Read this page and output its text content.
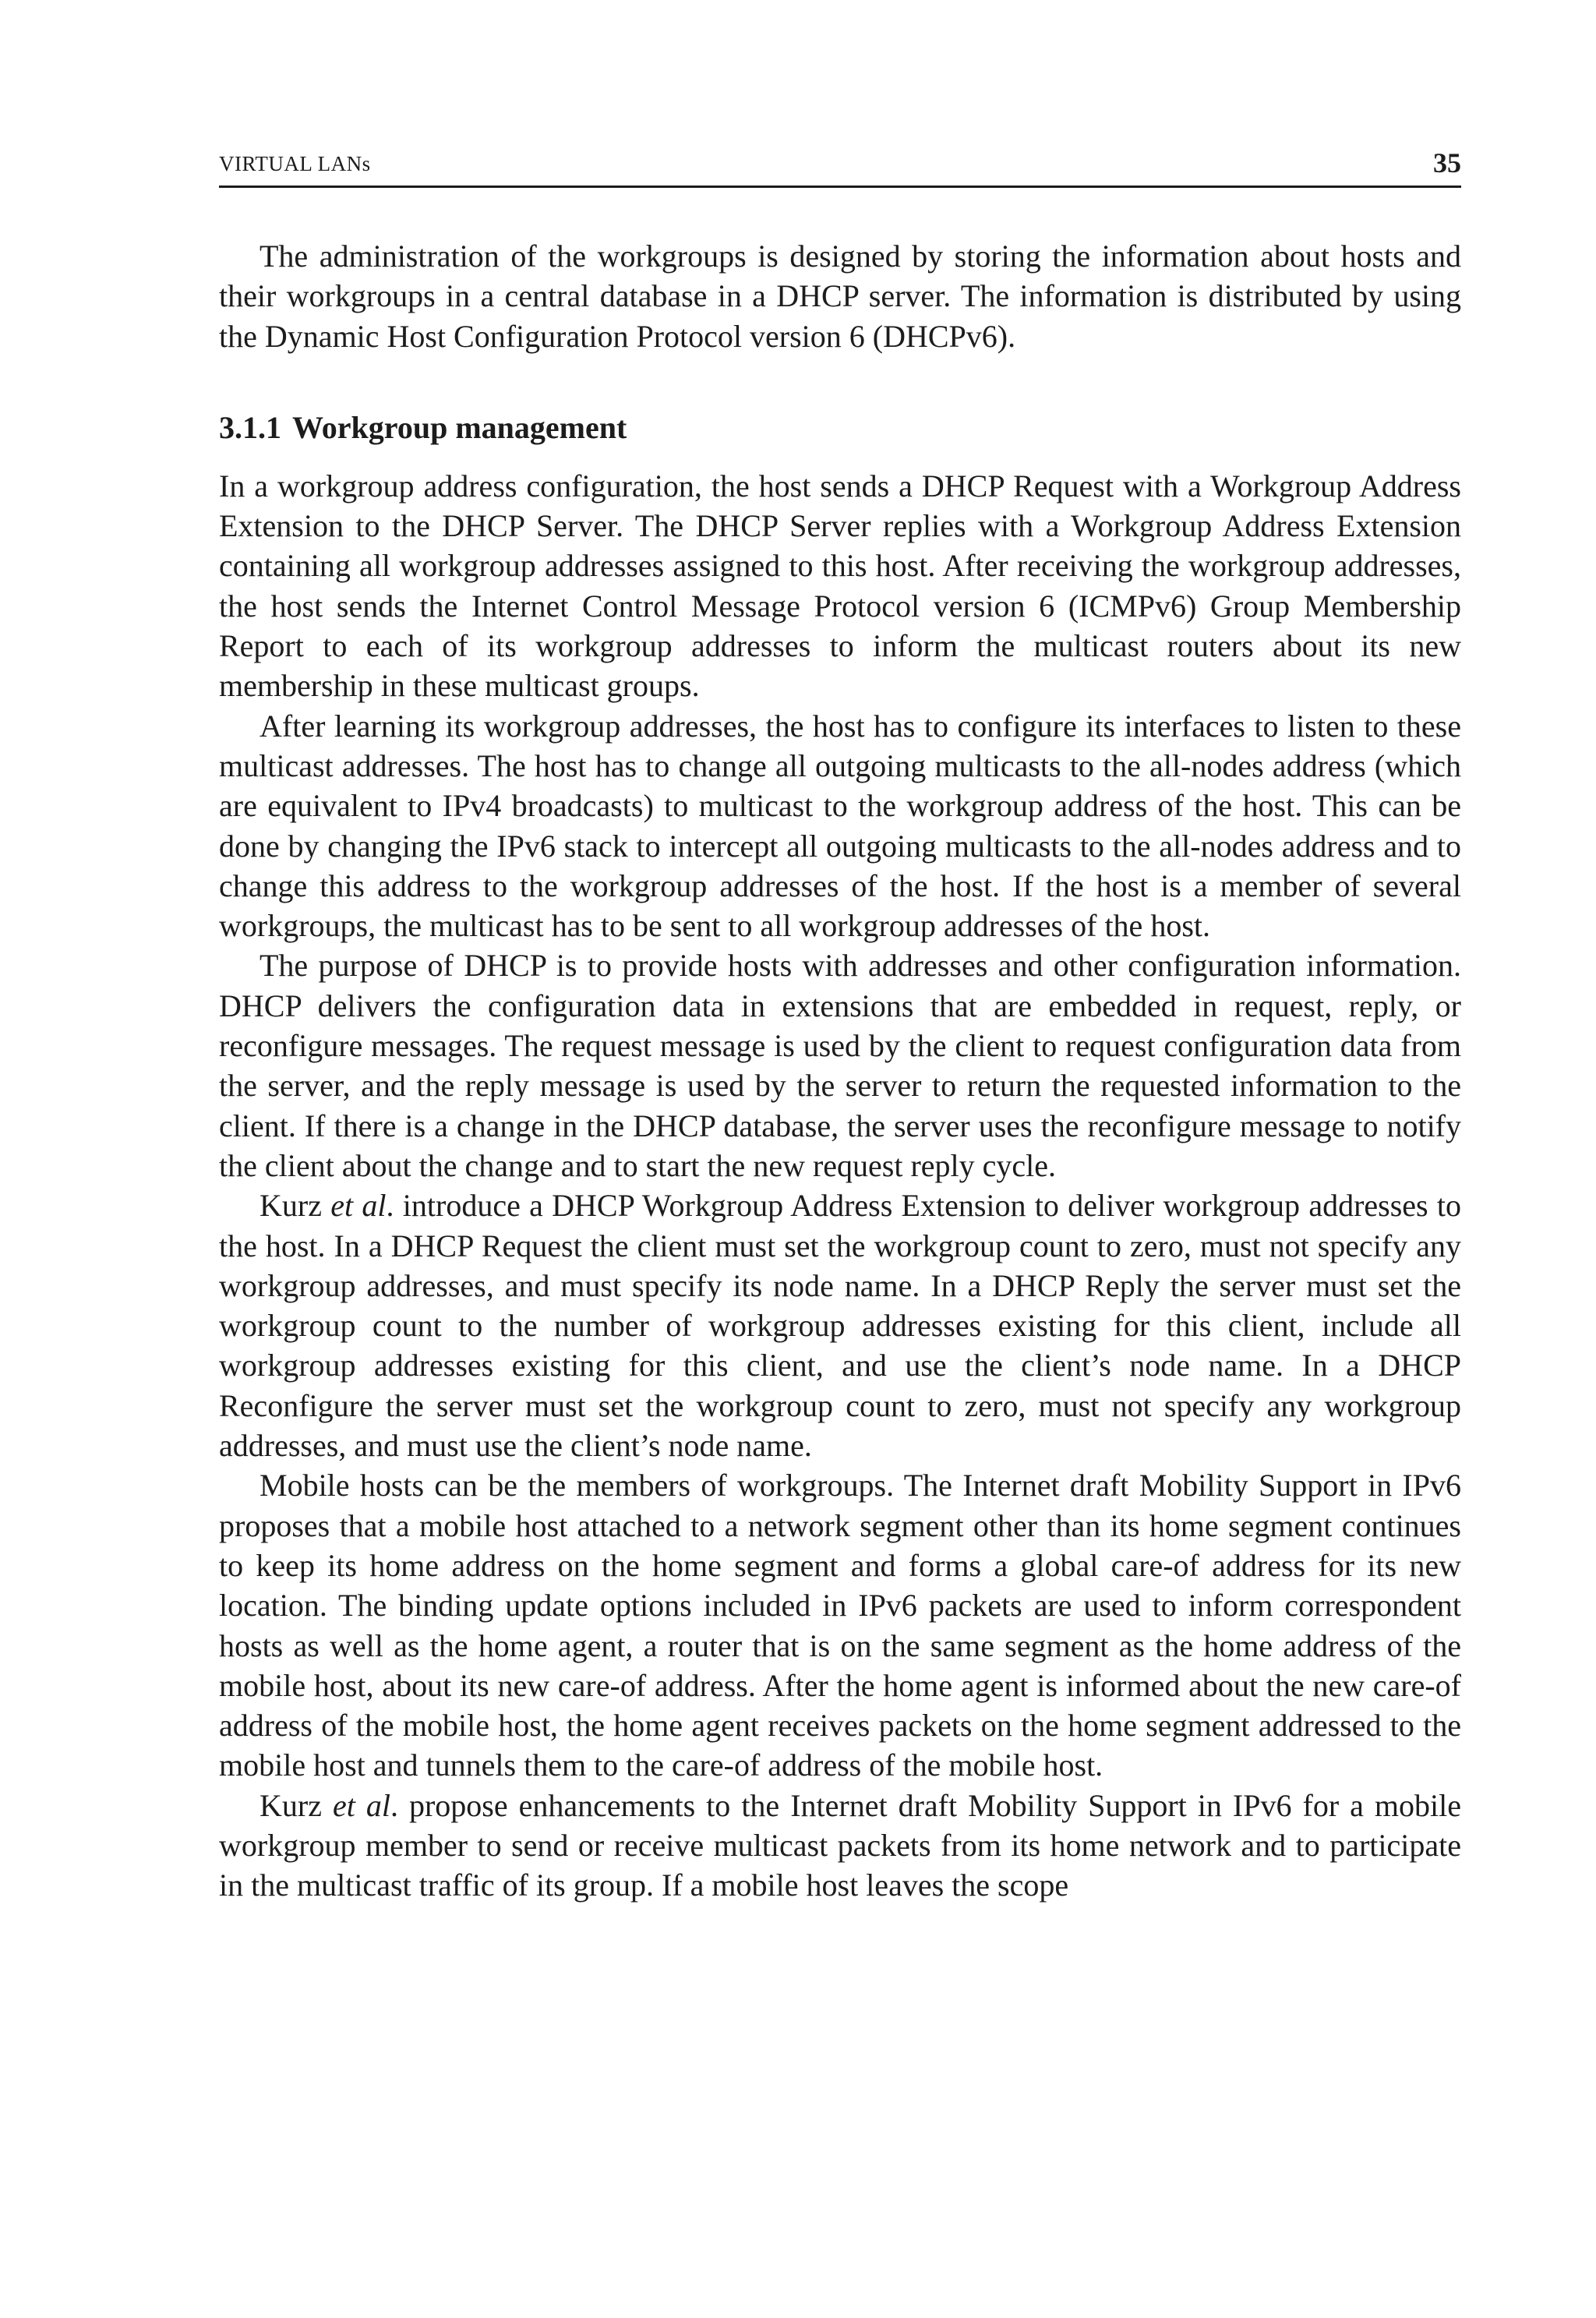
VIRTUAL LANs	35

The administration of the workgroups is designed by storing the information about hosts and their workgroups in a central database in a DHCP server. The information is distributed by using the Dynamic Host Configuration Protocol version 6 (DHCPv6).

3.1.1 Workgroup management

In a workgroup address configuration, the host sends a DHCP Request with a Workgroup Address Extension to the DHCP Server. The DHCP Server replies with a Workgroup Address Extension containing all workgroup addresses assigned to this host. After receiving the workgroup addresses, the host sends the Internet Control Message Protocol version 6 (ICMPv6) Group Membership Report to each of its workgroup addresses to inform the multicast routers about its new membership in these multicast groups.

After learning its workgroup addresses, the host has to configure its interfaces to listen to these multicast addresses. The host has to change all outgoing multicasts to the all-nodes address (which are equivalent to IPv4 broadcasts) to multicast to the workgroup address of the host. This can be done by changing the IPv6 stack to intercept all outgoing multicasts to the all-nodes address and to change this address to the workgroup addresses of the host. If the host is a member of several workgroups, the multicast has to be sent to all workgroup addresses of the host.

The purpose of DHCP is to provide hosts with addresses and other configuration information. DHCP delivers the configuration data in extensions that are embedded in request, reply, or reconfigure messages. The request message is used by the client to request configuration data from the server, and the reply message is used by the server to return the requested information to the client. If there is a change in the DHCP database, the server uses the reconfigure message to notify the client about the change and to start the new request reply cycle.

Kurz et al. introduce a DHCP Workgroup Address Extension to deliver workgroup addresses to the host. In a DHCP Request the client must set the workgroup count to zero, must not specify any workgroup addresses, and must specify its node name. In a DHCP Reply the server must set the workgroup count to the number of workgroup addresses existing for this client, include all workgroup addresses existing for this client, and use the client’s node name. In a DHCP Reconfigure the server must set the workgroup count to zero, must not specify any workgroup addresses, and must use the client’s node name.

Mobile hosts can be the members of workgroups. The Internet draft Mobility Support in IPv6 proposes that a mobile host attached to a network segment other than its home segment continues to keep its home address on the home segment and forms a global care-of address for its new location. The binding update options included in IPv6 packets are used to inform correspondent hosts as well as the home agent, a router that is on the same segment as the home address of the mobile host, about its new care-of address. After the home agent is informed about the new care-of address of the mobile host, the home agent receives packets on the home segment addressed to the mobile host and tunnels them to the care-of address of the mobile host.

Kurz et al. propose enhancements to the Internet draft Mobility Support in IPv6 for a mobile workgroup member to send or receive multicast packets from its home network and to participate in the multicast traffic of its group. If a mobile host leaves the scope
